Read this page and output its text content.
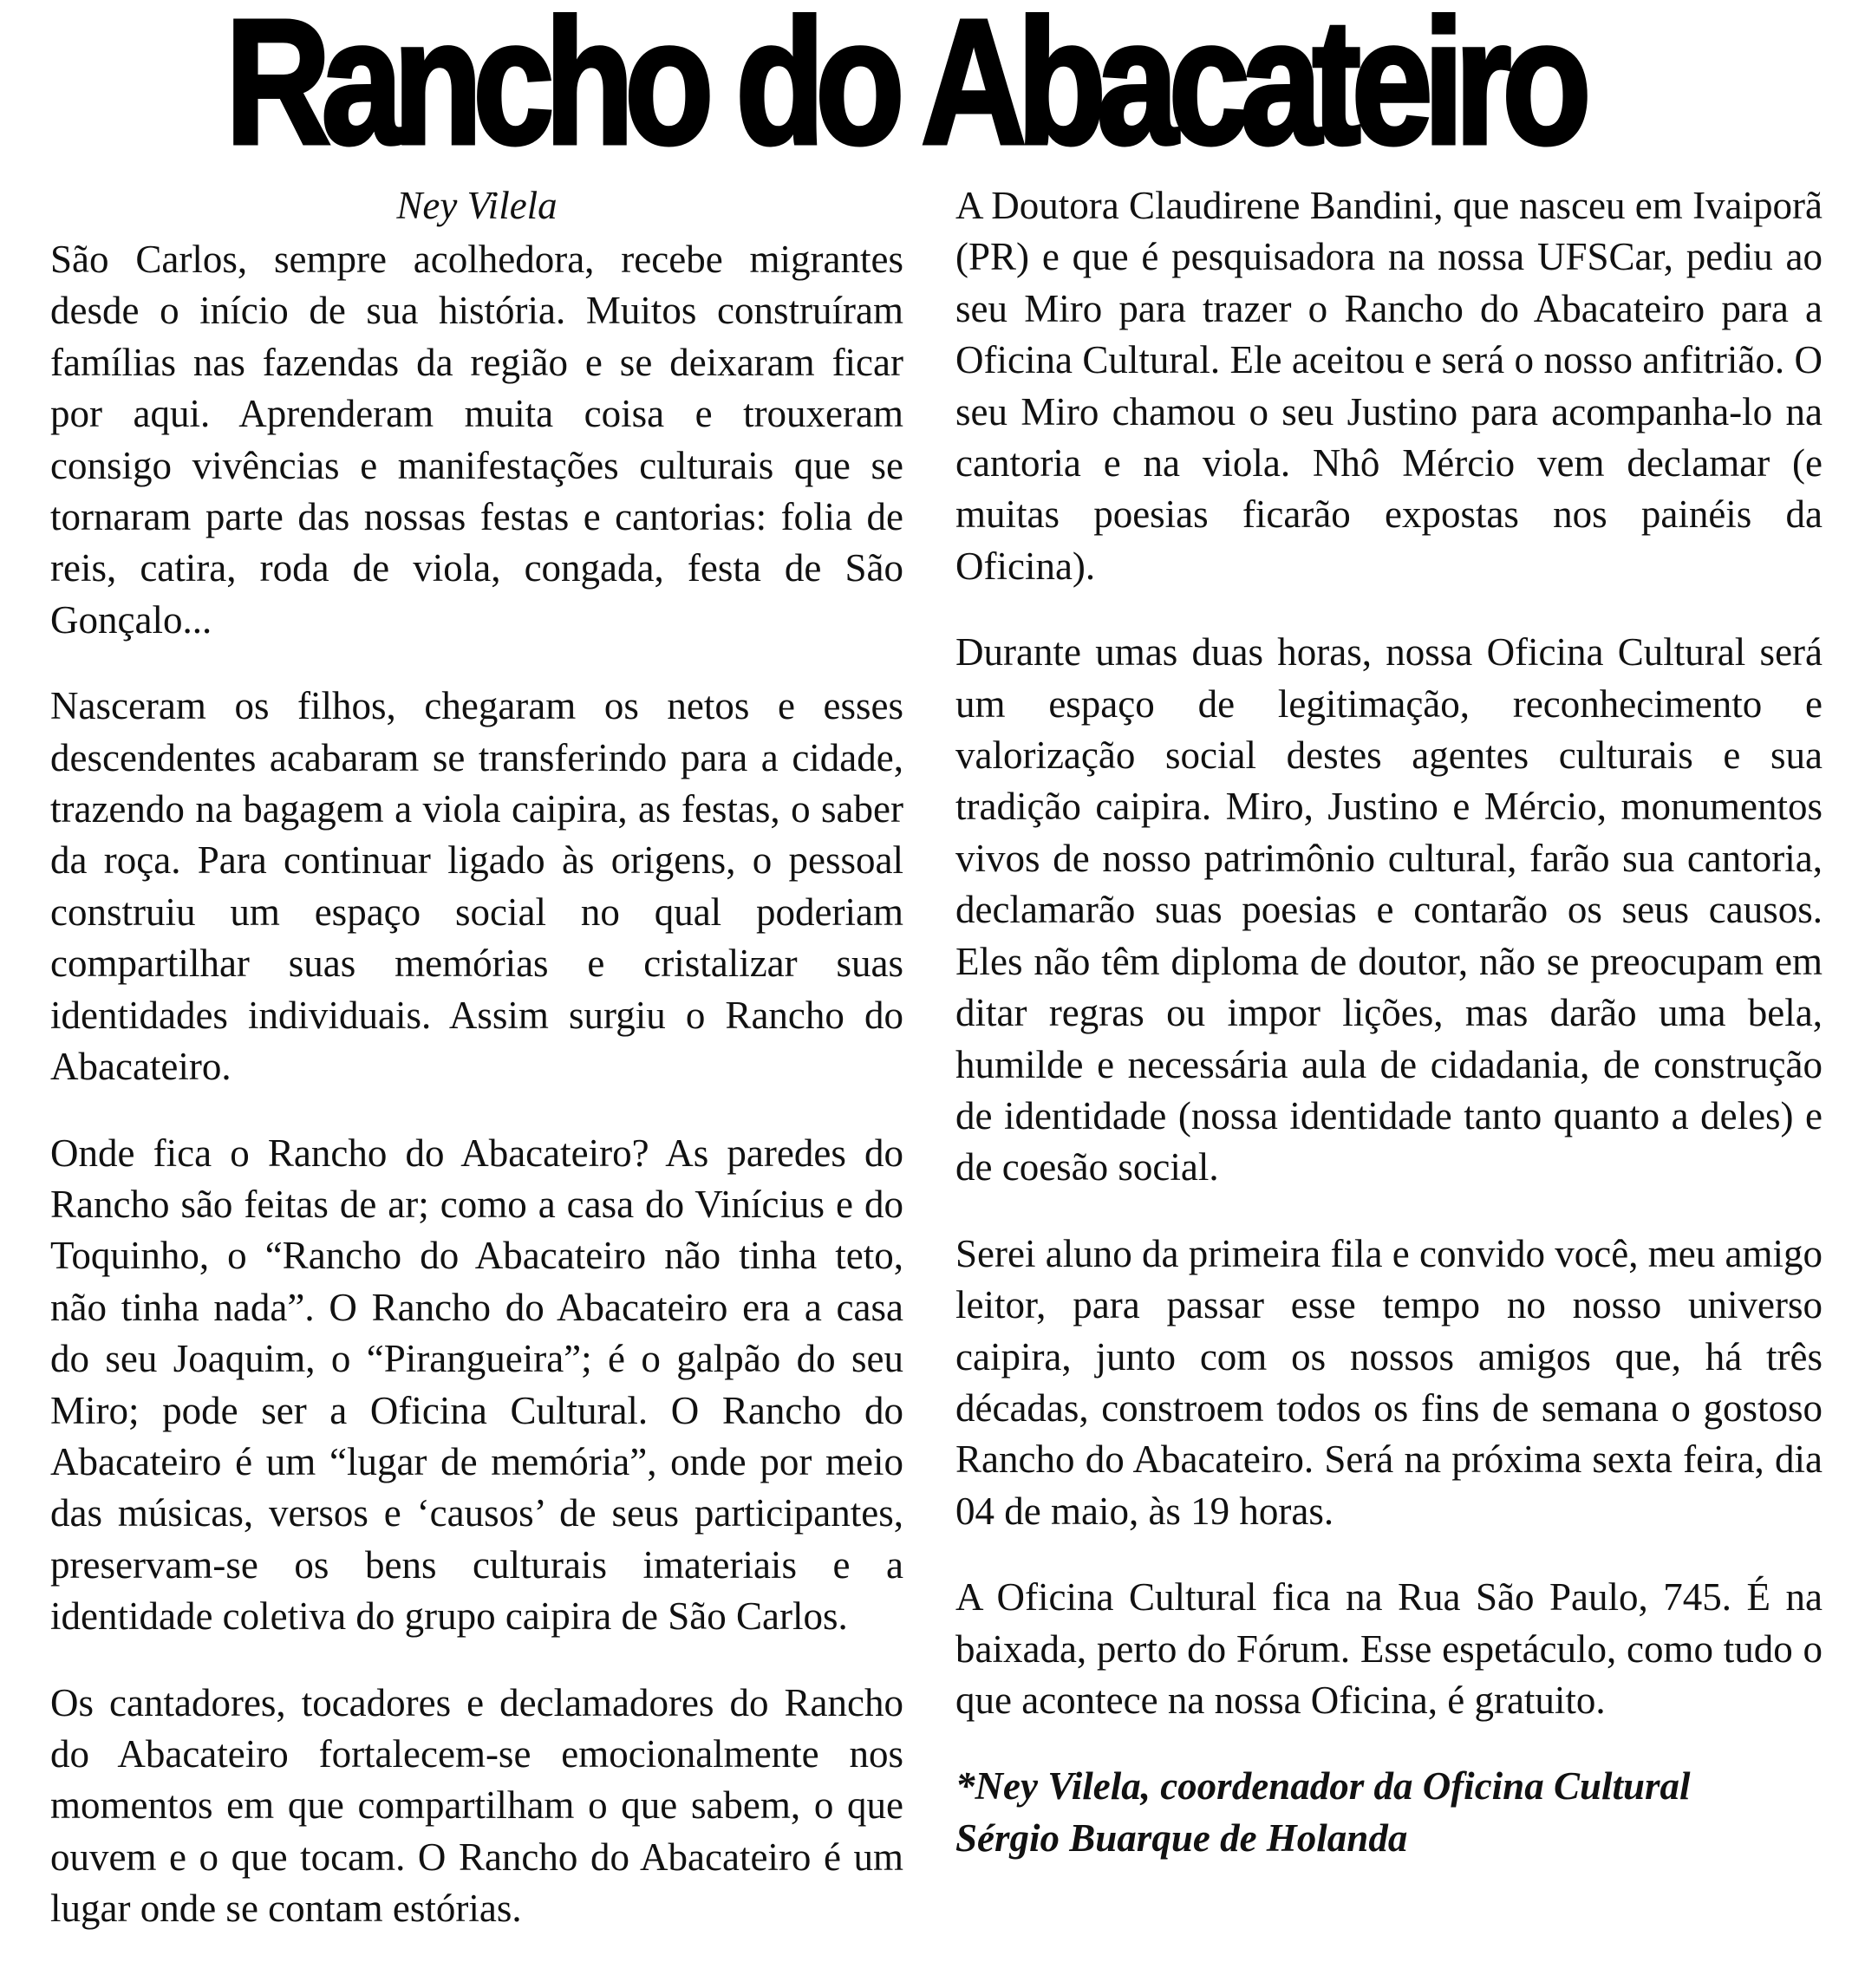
Rancho do Abacateiro

Ney Vilela

São Carlos, sempre acolhedora, recebe migrantes desde o início de sua história. Muitos construíram famílias nas fazendas da região e se deixaram ficar por aqui. Aprenderam muita coisa e trouxeram consigo vivências e manifestações culturais que se tornaram parte das nossas festas e cantorias: folia de reis, catira, roda de viola, congada, festa de São Gonçalo...

Nasceram os filhos, chegaram os netos e esses descendentes acabaram se transferindo para a cidade, trazendo na bagagem a viola caipira, as festas, o saber da roça. Para continuar ligado às origens, o pessoal construiu um espaço social no qual poderiam compartilhar suas memórias e cristalizar suas identidades individuais. Assim surgiu o Rancho do Abacateiro.

Onde fica o Rancho do Abacateiro? As paredes do Rancho são feitas de ar; como a casa do Vinícius e do Toquinho, o “Rancho do Abacateiro não tinha teto, não tinha nada”. O Rancho do Abacateiro era a casa do seu Joaquim, o “Pirangueira”; é o galpão do seu Miro; pode ser a Oficina Cultural. O Rancho do Abacateiro é um “lugar de memória”, onde por meio das músicas, versos e ‘causos’ de seus participantes, preservam-se os bens culturais imateriais e a identidade coletiva do grupo caipira de São Carlos.

Os cantadores, tocadores e declamadores do Rancho do Abacateiro fortalecem-se emocionalmente nos momentos em que compartilham o que sabem, o que ouvem e o que tocam. O Rancho do Abacateiro é um lugar onde se contam estórias.

A Doutora Claudirene Bandini, que nasceu em Ivaiporã (PR) e que é pesquisadora na nossa UFSCar, pediu ao seu Miro para trazer o Rancho do Abacateiro para a Oficina Cultural. Ele aceitou e será o nosso anfitrião. O seu Miro chamou o seu Justino para acompanha-lo na cantoria e na viola. Nhô Mércio vem declamar (e muitas poesias ficarão expostas nos painéis da Oficina).

Durante umas duas horas, nossa Oficina Cultural será um espaço de legitimação, reconhecimento e valorização social destes agentes culturais e sua tradição caipira. Miro, Justino e Mércio, monumentos vivos de nosso patrimônio cultural, farão sua cantoria, declamarão suas poesias e contarão os seus causos. Eles não têm diploma de doutor, não se preocupam em ditar regras ou impor lições, mas darão uma bela, humilde e necessária aula de cidadania, de construção de identidade (nossa identidade tanto quanto a deles) e de coesão social.

Serei aluno da primeira fila e convido você, meu amigo leitor, para passar esse tempo no nosso universo caipira, junto com os nossos amigos que, há três décadas, constroem todos os fins de semana o gostoso Rancho do Abacateiro. Será na próxima sexta feira, dia 04 de maio, às 19 horas.

A Oficina Cultural fica na Rua São Paulo, 745. É na baixada, perto do Fórum. Esse espetáculo, como tudo o que acontece na nossa Oficina, é gratuito.

*Ney Vilela, coordenador da Oficina Cultural

Sérgio Buarque de Holanda
